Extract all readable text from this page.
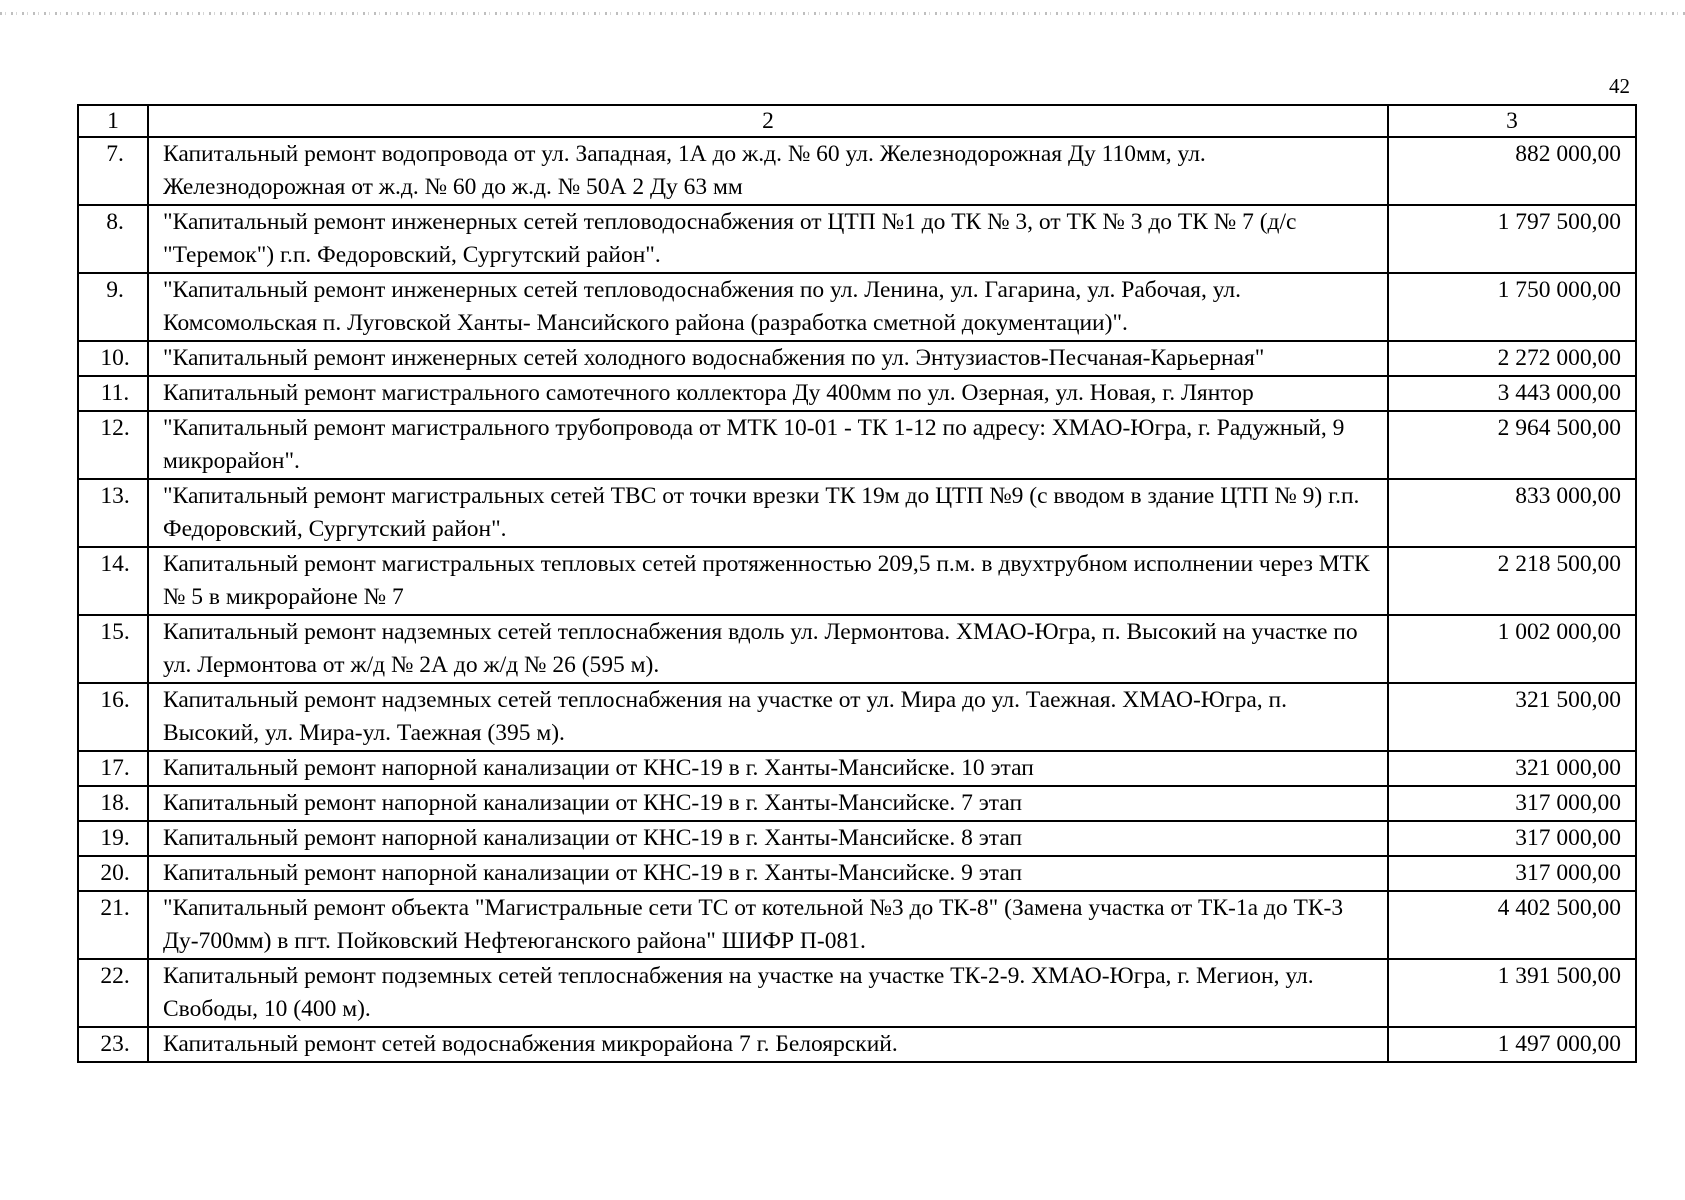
42
1	2	3
7.	Капитальный ремонт водопровода от ул. Западная, 1А до ж.д. № 60 ул. Железнодорожная Ду 110мм, ул. Железнодорожная от ж.д. № 60 до ж.д. № 50А 2 Ду 63 мм	882 000,00
8.	"Капитальный ремонт инженерных сетей тепловодоснабжения от ЦТП №1 до ТК № 3, от ТК № 3 до ТК № 7 (д/с "Теремок") г.п. Федоровский, Сургутский район".	1 797 500,00
9.	"Капитальный ремонт инженерных сетей тепловодоснабжения по ул. Ленина, ул. Гагарина, ул. Рабочая, ул. Комсомольская п. Луговской Ханты- Мансийского района (разработка сметной документации)".	1 750 000,00
10.	"Капитальный ремонт инженерных сетей холодного водоснабжения по ул. Энтузиастов-Песчаная-Карьерная"	2 272 000,00
11.	Капитальный ремонт магистрального самотечного коллектора Ду 400мм по ул. Озерная, ул. Новая, г. Лянтор	3 443 000,00
12.	"Капитальный ремонт магистрального трубопровода от МТК 10-01 - ТК 1-12 по адресу: ХМАО-Югра, г. Радужный, 9 микрорайон".	2 964 500,00
13.	"Капитальный ремонт магистральных сетей ТВС от точки врезки ТК 19м до ЦТП №9 (с вводом в здание ЦТП № 9) г.п. Федоровский, Сургутский район".	833 000,00
14.	Капитальный ремонт магистральных тепловых сетей протяженностью 209,5 п.м. в двухтрубном исполнении через МТК № 5 в микрорайоне № 7	2 218 500,00
15.	Капитальный ремонт надземных сетей теплоснабжения вдоль ул. Лермонтова. ХМАО-Югра, п. Высокий на участке по ул. Лермонтова от ж/д № 2А до ж/д № 26 (595 м).	1 002 000,00
16.	Капитальный ремонт надземных сетей теплоснабжения на участке от ул. Мира до ул. Таежная. ХМАО-Югра, п. Высокий, ул. Мира-ул. Таежная (395 м).	321 500,00
17.	Капитальный ремонт напорной канализации от КНС-19 в г. Ханты-Мансийске. 10 этап	321 000,00
18.	Капитальный ремонт напорной канализации от КНС-19 в г. Ханты-Мансийске. 7 этап	317 000,00
19.	Капитальный ремонт напорной канализации от КНС-19 в г. Ханты-Мансийске. 8 этап	317 000,00
20.	Капитальный ремонт напорной канализации от КНС-19 в г. Ханты-Мансийске. 9 этап	317 000,00
21.	"Капитальный ремонт объекта "Магистральные сети ТС от котельной №3 до ТК-8" (Замена участка от ТК-1а до ТК-3 Ду-700мм) в пгт. Пойковский Нефтеюганского района" ШИФР П-081.	4 402 500,00
22.	Капитальный ремонт подземных сетей теплоснабжения на участке на участке ТК-2-9. ХМАО-Югра, г. Мегион, ул. Свободы, 10 (400 м).	1 391 500,00
23.	Капитальный ремонт сетей водоснабжения микрорайона 7 г. Белоярский.	1 497 000,00
